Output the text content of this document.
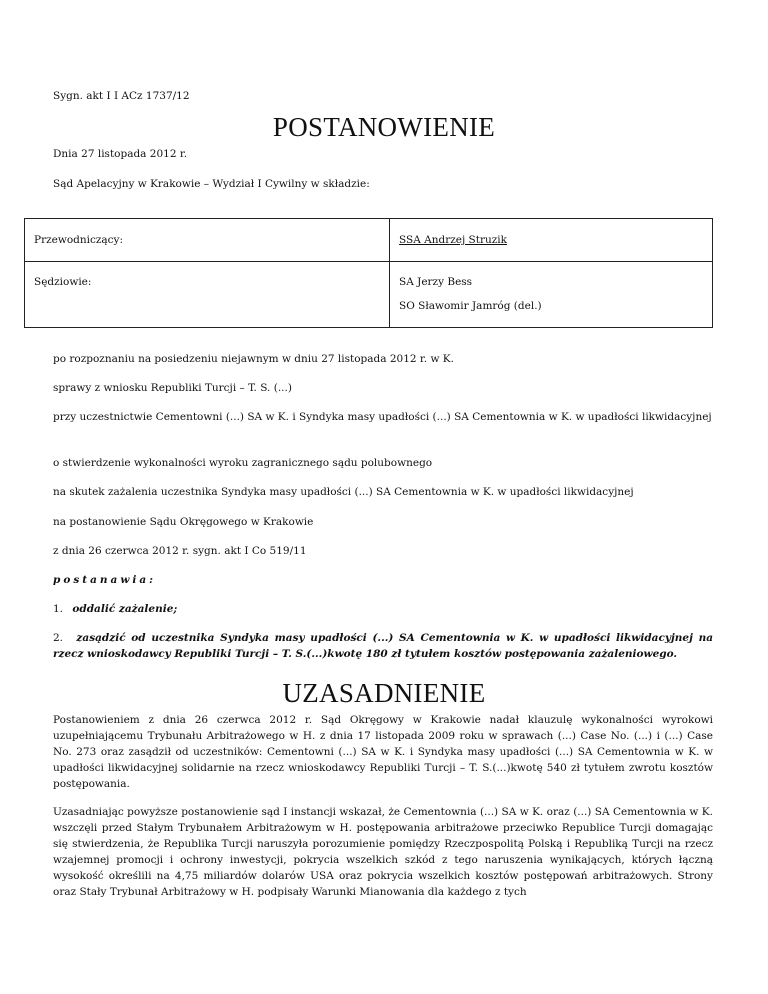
Sygn. akt I I ACz 1737/12
POSTANOWIENIE
Dnia 27 listopada 2012 r.
Sąd Apelacyjny w Krakowie – Wydział I Cywilny w składzie:
Przewodniczący:	SSA Andrzej Struzik

Sędziowie:	SA Jerzy Bess
SO Sławomir Jamróg (del.)
po rozpoznaniu na posiedzeniu niejawnym w dniu 27 listopada 2012 r. w K.
sprawy z wniosku Republiki Turcji – T. S. (...)
przy uczestnictwie Cementowni (...) SA w K. i Syndyka masy upadłości (...) SA Cementownia w K. w upadłości likwidacyjnej
o stwierdzenie wykonalności wyroku zagranicznego sądu polubownego
na skutek zażalenia uczestnika Syndyka masy upadłości (...) SA Cementownia w K. w upadłości likwidacyjnej
na postanowienie Sądu Okręgowego w Krakowie
z dnia 26 czerwca 2012 r. sygn. akt I Co 519/11
postanawia:
1. oddalić zażalenie;
2. zasądzić od uczestnika Syndyka masy upadłości (...) SA Cementownia w K. w upadłości likwidacyjnej na rzecz wnioskodawcy Republiki Turcji – T. S.(...)kwotę 180 zł tytułem kosztów postępowania zażaleniowego.
UZASADNIENIE
Postanowieniem z dnia 26 czerwca 2012 r. Sąd Okręgowy w Krakowie nadał klauzulę wykonalności wyrokowi uzupełniającemu Trybunału Arbitrażowego w H. z dnia 17 listopada 2009 roku w sprawach (...) Case No. (...) i (...) Case No. 273 oraz zasądził od uczestników: Cementowni (...) SA w K. i Syndyka masy upadłości (...) SA Cementownia w K. w upadłości likwidacyjnej solidarnie na rzecz wnioskodawcy Republiki Turcji – T. S.(...)kwotę 540 zł tytułem zwrotu kosztów postępowania.
Uzasadniając powyższe postanowienie sąd I instancji wskazał, że Cementownia (...) SA w K. oraz (...) SA Cementownia w K. wszczęli przed Stałym Trybunałem Arbitrażowym w H. postępowania arbitrażowe przeciwko Republice Turcji domagając się stwierdzenia, że Republika Turcji naruszyła porozumienie pomiędzy Rzeczpospolitą Polską i Republiką Turcji na rzecz wzajemnej promocji i ochrony inwestycji, pokrycia wszelkich szkód z tego naruszenia wynikających, których łączną wysokość określili na 4,75 miliardów dolarów USA oraz pokrycia wszelkich kosztów postępowań arbitrażowych. Strony oraz Stały Trybunał Arbitrażowy w H. podpisały Warunki Mianowania dla każdego z tych
